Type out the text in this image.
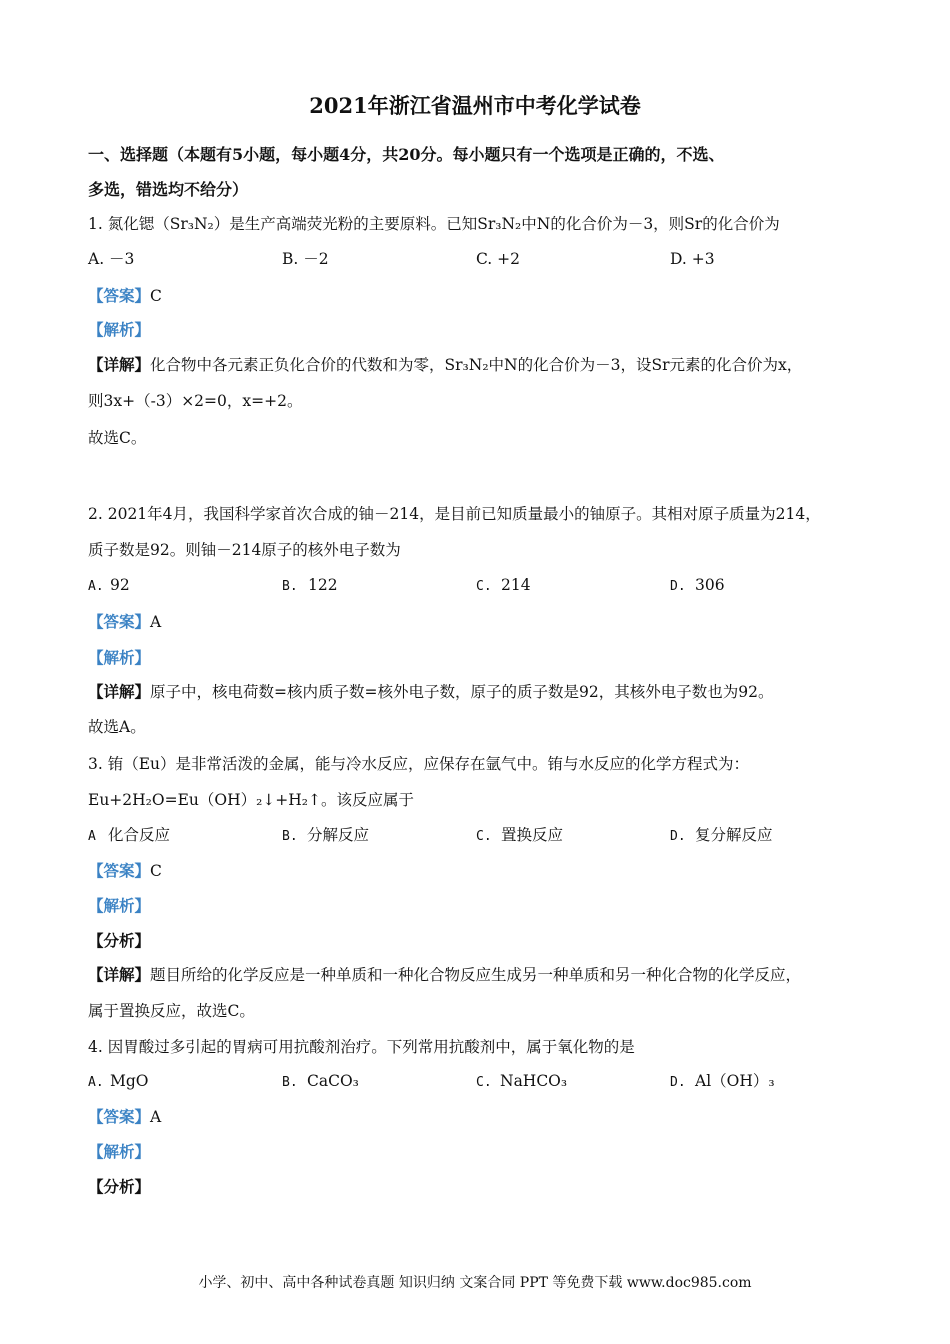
2021年浙江省温州市中考化学试卷
一、选择题（本题有5小题，每小题4分，共20分。每小题只有一个选项是正确的，不选、
多选，错选均不给分）
1. 氮化锶（Sr₃N₂）是生产高端荧光粉的主要原料。已知Sr₃N₂中N的化合价为－3，则Sr的化合价为
A. －3	B. －2	C. +2	D. +3
【答案】C
【解析】
【详解】化合物中各元素正负化合价的代数和为零，Sr₃N₂中N的化合价为－3，设Sr元素的化合价为x，
则3x+（-3）×2=0，x=+2。
故选C。
2. 2021年4月，我国科学家首次合成的铀－214，是目前已知质量最小的铀原子。其相对原子质量为214，
质子数是92。则铀－214原子的核外电子数为
A. 92	B. 122	C. 214	D. 306
【答案】A
【解析】
【详解】原子中，核电荷数=核内质子数=核外电子数，原子的质子数是92，其核外电子数也为92。
故选A。
3. 铕（Eu）是非常活泼的金属，能与冷水反应，应保存在氩气中。铕与水反应的化学方程式为：
Eu+2H₂O=Eu（OH）₂↓+H₂↑。该反应属于
A 化合反应	B. 分解反应	C. 置换反应	D. 复分解反应
【答案】C
【解析】
【分析】
【详解】题目所给的化学反应是一种单质和一种化合物反应生成另一种单质和另一种化合物的化学反应，
属于置换反应，故选C。
4. 因胃酸过多引起的胃病可用抗酸剂治疗。下列常用抗酸剂中，属于氧化物的是
A. MgO	B. CaCO₃	C. NaHCO₃	D. Al（OH）₃
【答案】A
【解析】
【分析】
小学、初中、高中各种试卷真题 知识归纳 文案合同 PPT 等免费下载 www.doc985.com
